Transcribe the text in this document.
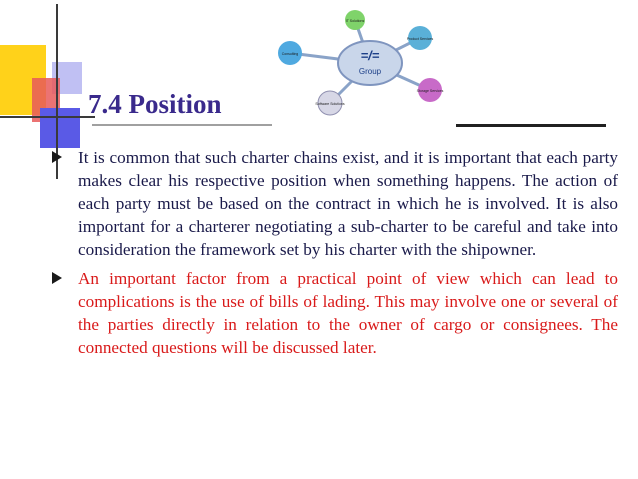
7.4 Position
=/=
Group
IT Solutions
Product Services
Storage Services
Software Solutions
Consulting
It is common that such charter chains exist, and it is important that each party makes clear his respective position when something happens. The action of each party must be based on the contract in which he is involved. It is also important for a charterer negotiating a sub-charter to be careful and take into consideration the framework set by his charter with the shipowner.
An important factor from a practical point of view which can lead to complications is the use of bills of lading. This may involve one or several of the parties directly in relation to the owner of cargo or consignees. The connected questions will be discussed later.
